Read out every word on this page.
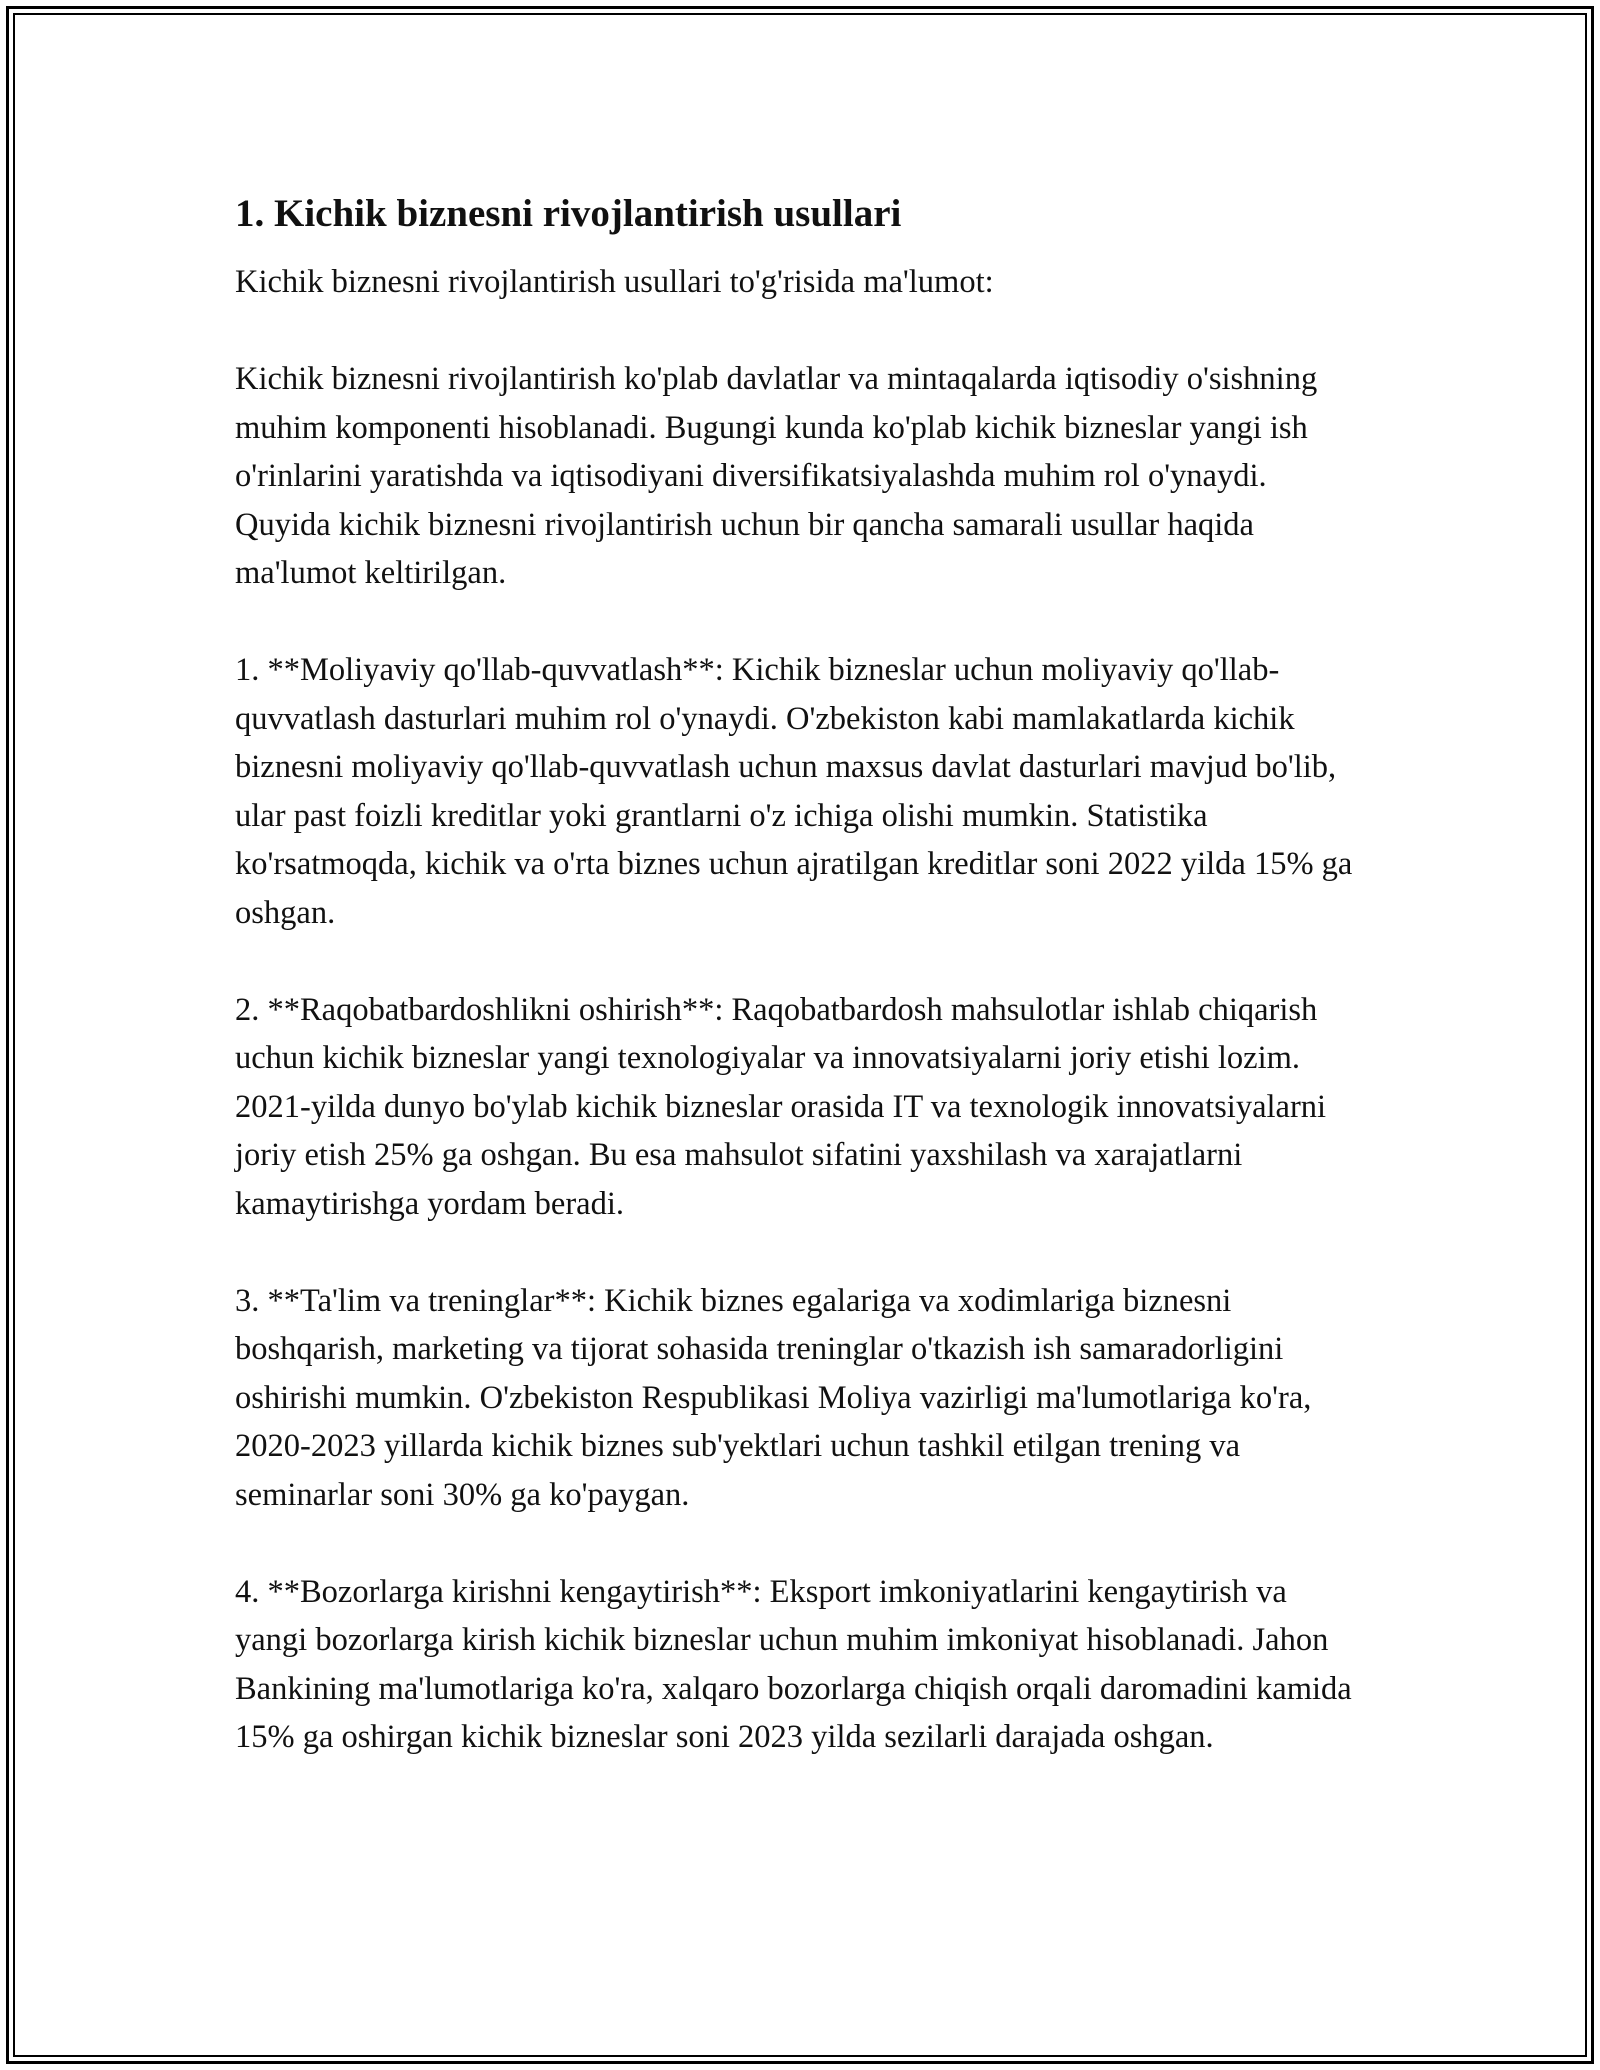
1. Kichik biznesni rivojlantirish usullari

Kichik biznesni rivojlantirish usullari to'g'risida ma'lumot:

Kichik biznesni rivojlantirish ko'plab davlatlar va mintaqalarda iqtisodiy o'sishning muhim komponenti hisoblanadi. Bugungi kunda ko'plab kichik bizneslar yangi ish o'rinlarini yaratishda va iqtisodiyani diversifikatsiyalashda muhim rol o'ynaydi. Quyida kichik biznesni rivojlantirish uchun bir qancha samarali usullar haqida ma'lumot keltirilgan.

1. **Moliyaviy qo'llab-quvvatlash**: Kichik bizneslar uchun moliyaviy qo'llab-quvvatlash dasturlari muhim rol o'ynaydi. O'zbekiston kabi mamlakatlarda kichik biznesni moliyaviy qo'llab-quvvatlash uchun maxsus davlat dasturlari mavjud bo'lib, ular past foizli kreditlar yoki grantlarni o'z ichiga olishi mumkin. Statistika ko'rsatmoqda, kichik va o'rta biznes uchun ajratilgan kreditlar soni 2022 yilda 15% ga oshgan.

2. **Raqobatbardoshlikni oshirish**: Raqobatbardosh mahsulotlar ishlab chiqarish uchun kichik bizneslar yangi texnologiyalar va innovatsiyalarni joriy etishi lozim. 2021-yilda dunyo bo'ylab kichik bizneslar orasida IT va texnologik innovatsiyalarni joriy etish 25% ga oshgan. Bu esa mahsulot sifatini yaxshilash va xarajatlarni kamaytirishga yordam beradi.

3. **Ta'lim va treninglar**: Kichik biznes egalariga va xodimlariga biznesni boshqarish, marketing va tijorat sohasida treninglar o'tkazish ish samaradorligini oshirishi mumkin. O'zbekiston Respublikasi Moliya vazirligi ma'lumotlariga ko'ra, 2020-2023 yillarda kichik biznes sub'yektlari uchun tashkil etilgan trening va seminarlar soni 30% ga ko'paygan.

4. **Bozorlarga kirishni kengaytirish**: Eksport imkoniyatlarini kengaytirish va yangi bozorlarga kirish kichik bizneslar uchun muhim imkoniyat hisoblanadi. Jahon Bankining ma'lumotlariga ko'ra, xalqaro bozorlarga chiqish orqali daromadini kamida 15% ga oshirgan kichik bizneslar soni 2023 yilda sezilarli darajada oshgan.
